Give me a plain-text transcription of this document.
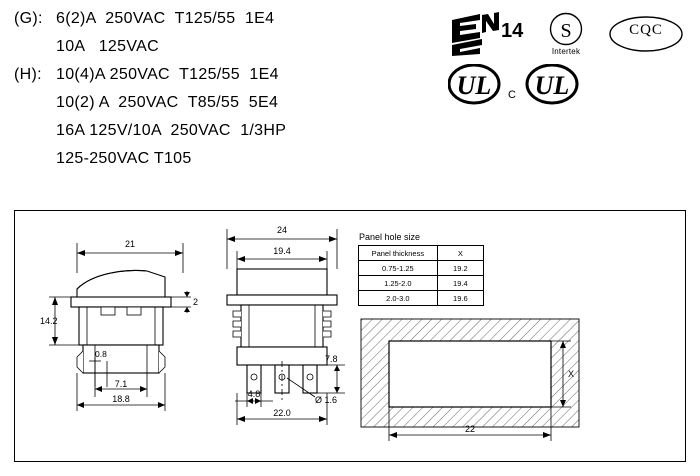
(G): 6(2)A  250VAC  T125/55  1E4
10A   125VAC
(H): 10(4)A 250VAC  T125/55  1E4
10(2) A  250VAC  T85/55  5E4
16A 125V/10A  250VAC  1/3HP
125-250VAC T105
14 S
Intertek
CQC
UL C UL
21
14.2
2
0.8
7.1
18.8
24
19.4
7.8
4.8
Ø 1.6
22.0
X
22
Panel hole size
Panel thickness	X
0.75-1.25	19.2
1.25-2.0	19.4
2.0-3.0	19.6
